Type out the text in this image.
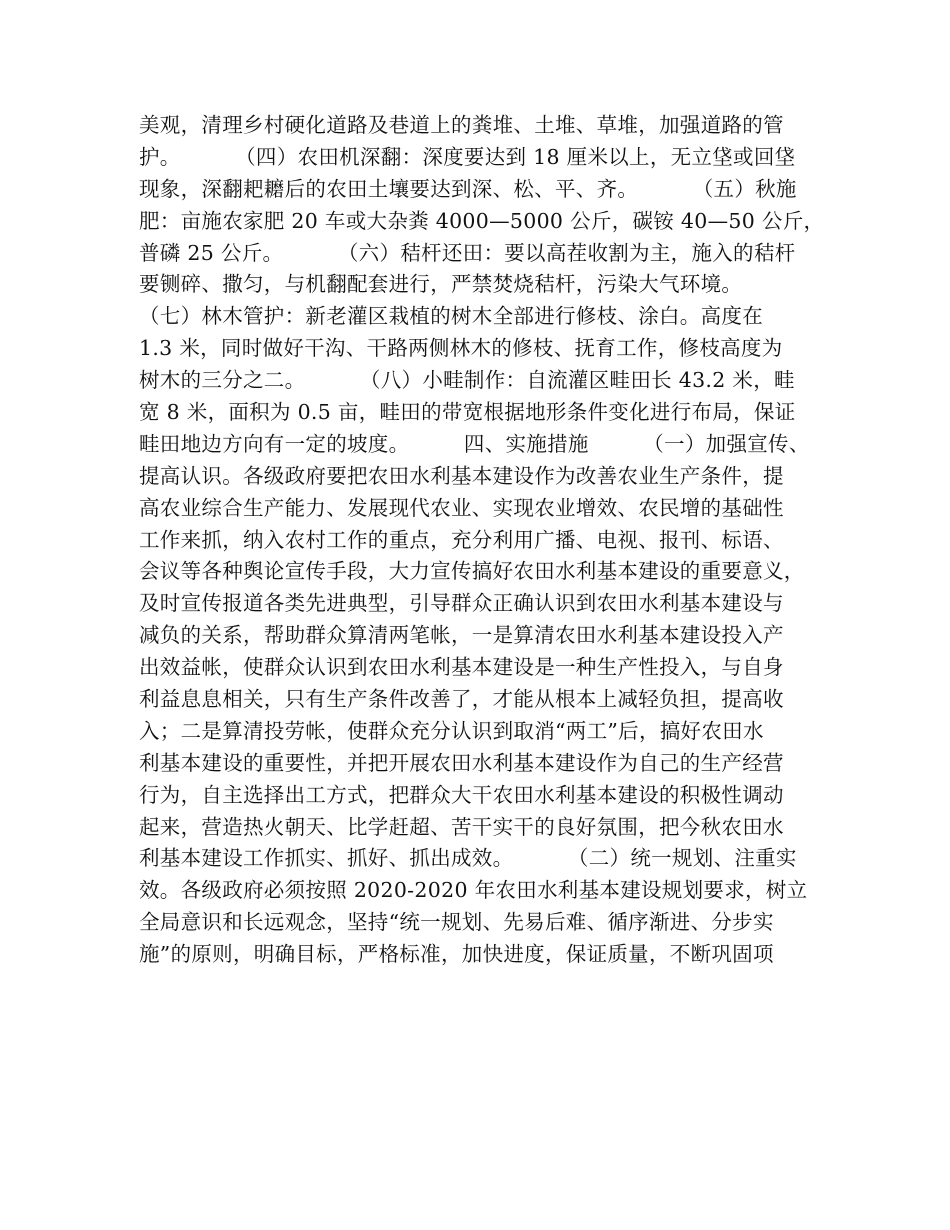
美观，清理乡村硬化道路及巷道上的粪堆、土堆、草堆，加强道路的管
护。        （四）农田机深翻：深度要达到 18 厘米以上，无立垡或回垡
现象，深翻耙耱后的农田土壤要达到深、松、平、齐。        （五）秋施
肥：亩施农家肥 20 车或大杂粪 4000—5000 公斤，碳铵 40—50 公斤，
普磷 25 公斤。        （六）秸杆还田：要以高茬收割为主，施入的秸杆
要铡碎、撒匀，与机翻配套进行，严禁焚烧秸杆，污染大气环境。
（七）林木管护：新老灌区栽植的树木全部进行修枝、涂白。高度在
1.3 米，同时做好干沟、干路两侧林木的修枝、抚育工作，修枝高度为
树木的三分之二。        （八）小畦制作：自流灌区畦田长 43.2 米，畦
宽 8 米，面积为 0.5 亩，畦田的带宽根据地形条件变化进行布局，保证
畦田地边方向有一定的坡度。        四、实施措施        （一）加强宣传、
提高认识。各级政府要把农田水利基本建设作为改善农业生产条件，提
高农业综合生产能力、发展现代农业、实现农业增效、农民增的基础性
工作来抓，纳入农村工作的重点，充分利用广播、电视、报刊、标语、
会议等各种舆论宣传手段，大力宣传搞好农田水利基本建设的重要意义，
及时宣传报道各类先进典型，引导群众正确认识到农田水利基本建设与
减负的关系，帮助群众算清两笔帐，一是算清农田水利基本建设投入产
出效益帐，使群众认识到农田水利基本建设是一种生产性投入，与自身
利益息息相关，只有生产条件改善了，才能从根本上减轻负担，提高收
入；二是算清投劳帐，使群众充分认识到取消“两工”后，搞好农田水
利基本建设的重要性，并把开展农田水利基本建设作为自己的生产经营
行为，自主选择出工方式，把群众大干农田水利基本建设的积极性调动
起来，营造热火朝天、比学赶超、苦干实干的良好氛围，把今秋农田水
利基本建设工作抓实、抓好、抓出成效。        （二）统一规划、注重实
效。各级政府必须按照 2020-2020 年农田水利基本建设规划要求，树立
全局意识和长远观念，坚持“统一规划、先易后难、循序渐进、分步实
施”的原则，明确目标，严格标准，加快进度，保证质量，不断巩固项
